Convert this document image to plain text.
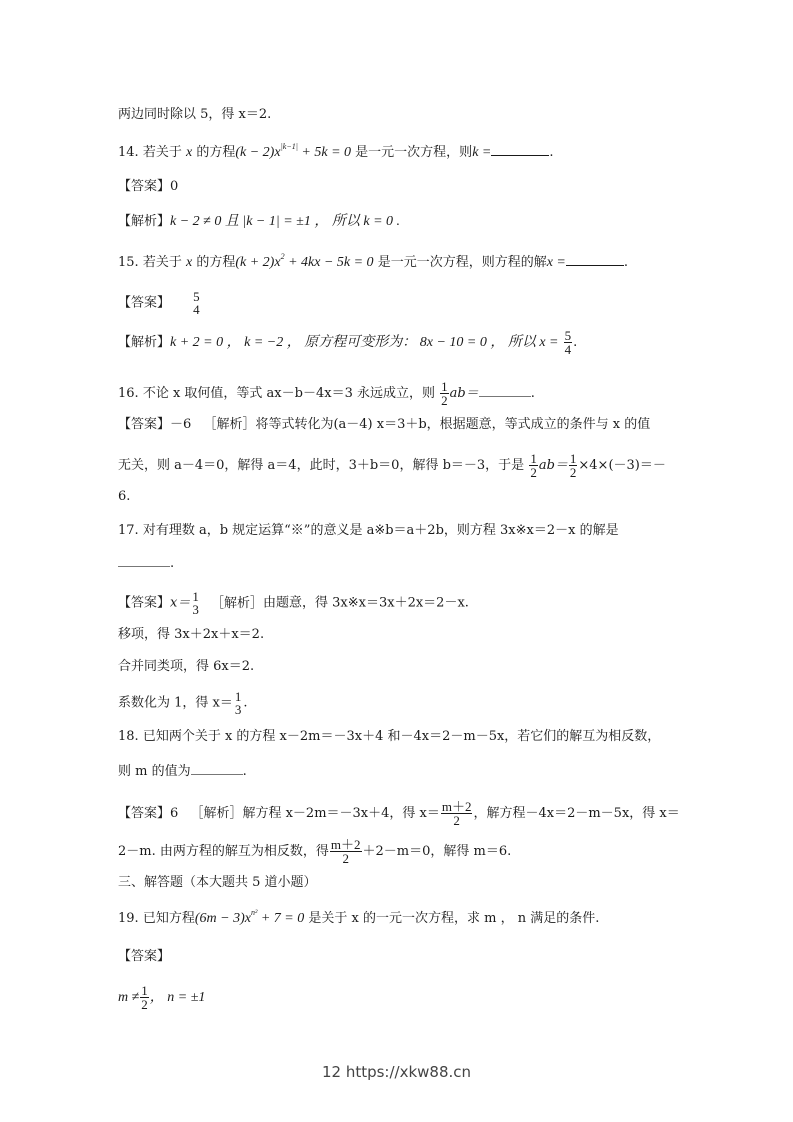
两边同时除以 5，得 x＝2.
14. 若关于 x 的方程$(k - 2)x^{|k-1|} + 5k = 0$ 是一元一次方程，则k =	.
【答案】0
【解析】k − 2 ≠ 0 且 |k − 1| = ±1 ， 所以 k = 0 .
15. 若关于 x 的方程$(k + 2)x^2 + 4kx - 5k = 0$ 是一元一次方程，则方程的解x =	.
【答案】 5
4
【解析】k + 2 = 0 ， k = −2 ， 原方程可变形为： 8x − 10 = 0 ， 所以 $x = \frac{5}{4}$ .
16. 不论 x 取何值，等式 ax－b－4x＝3 永远成立，则 $\frac{1}{2} ab=$	.
【答案】－6 ［解析］将等式转化为(a－4) x＝3＋b，根据题意，等式成立的条件与 x 的值
无关，则 a－4＝0，解得 a＝4，此时，3＋b＝0，解得 b＝－3，于是 $\frac{1}{2} ab= \frac{1}{2} \times 4\times(-3)=-$
6.
17. 对有理数 a，b 规定运算“※”的意义是 a※b＝a＋2b，则方程 3x※x＝2－x 的解是
.
【答案】x＝ 1
3 ［解析］由题意，得 3x※x＝3x＋2x＝2－x.
移项，得 3x＋2x＋x＝2.
合并同类项，得 6x＝2.
系数化为 1，得 x＝ 1
3 .
18. 已知两个关于 x 的方程 x－2m＝－3x＋4 和－4x＝2－m－5x，若它们的解互为相反数，
则 m 的值为	.
【答案】6 ［解析］解方程 x－2m＝－3x＋4，得 $x= \frac{m+2}{2}$ ，解方程－4x＝2－m－5x，得 x＝
2－m. 由两方程的解互为相反数，得 $\frac{m+2}{2} +2-m=0$，解得 m＝6.
三、解答题（本大题共 5 道小题）
19. 已知方程$(6m - 3)x^{n^2} + 7 = 0$ 是关于 x 的一元一次方程，求 m ， n 满足的条件.
【答案】
$m \ne \frac{1}{2}$ ， n = ±1
12 https://xkw88.cn
